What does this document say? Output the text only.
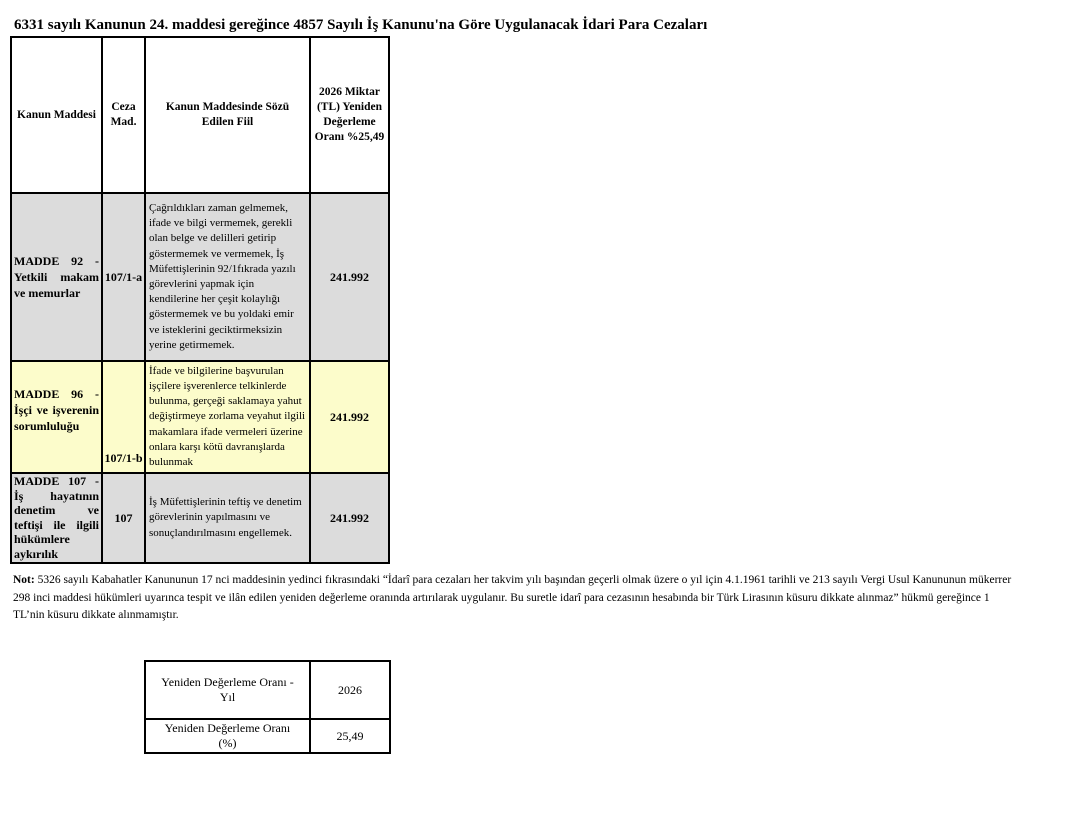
6331 sayılı Kanunun 24. maddesi gereğince 4857 Sayılı İş Kanunu'na Göre Uygulanacak İdari Para Cezaları
Kanun Maddesi	Ceza Mad.	Kanun Maddesinde Sözü Edilen Fiil	2026 Miktar (TL) Yeniden Değerleme Oranı %25,49
MADDE 92 - Yetkili makam ve memurlar	107/1-a	Çağrıldıkları zaman gelmemek, ifade ve bilgi vermemek, gerekli olan belge ve delilleri getirip göstermemek ve vermemek, İş Müfettişlerinin 92/1fıkrada yazılı görevlerini yapmak için kendilerine her çeşit kolaylığı göstermemek ve bu yoldaki emir ve isteklerini geciktirmeksizin yerine getirmemek.	241.992
MADDE 96 - İşçi ve işverenin sorumluluğu	107/1-b	İfade ve bilgilerine başvurulan işçilere işverenlerce telkinlerde bulunma, gerçeği saklamaya yahut değiştirmeye zorlama veyahut ilgili makamlara ifade vermeleri üzerine onlara karşı kötü davranışlarda bulunmak	241.992
MADDE 107 - İş hayatının denetim ve teftişi ile ilgili hükümlere aykırılık	107	İş Müfettişlerinin teftiş ve denetim görevlerinin yapılmasını ve sonuçlandırılmasını engellemek.	241.992
Not: 5326 sayılı Kabahatler Kanununun 17 nci maddesinin yedinci fıkrasındaki “İdarî para cezaları her takvim yılı başından geçerli olmak üzere o yıl için 4.1.1961 tarihli ve 213 sayılı Vergi Usul Kanununun mükerrer 298 inci maddesi hükümleri uyarınca tespit ve ilân edilen yeniden değerleme oranında artırılarak uygulanır. Bu suretle idarî para cezasının hesabında bir Türk Lirasının küsuru dikkate alınmaz” hükmü gereğince 1 TL’nin küsuru dikkate alınmamıştır.
Yeniden Değerleme Oranı - Yıl	2026
Yeniden Değerleme Oranı (%)	25,49
